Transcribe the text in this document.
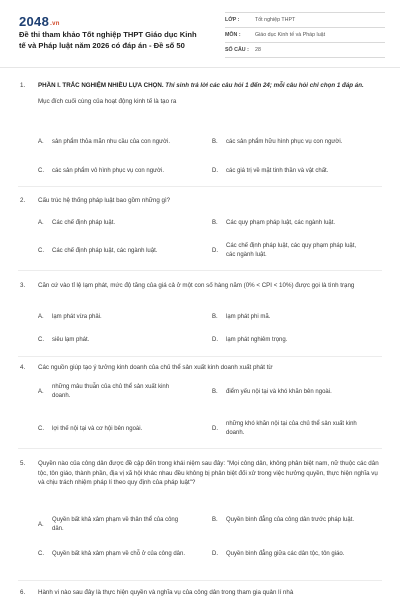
2048.vn
Đề thi tham khảo Tốt nghiệp THPT Giáo dục Kinh tế và Pháp luật năm 2026 có đáp án - Đề số 50
LỚP :	Tốt nghiệp THPT
MÔN :	Giáo dục Kinh tế và Pháp luật
SỐ CÂU :	28
1. PHẦN I. TRẮC NGHIỆM NHIỀU LỰA CHỌN. Thí sinh trả lời các câu hỏi 1 đến 24; mỗi câu hỏi chỉ chọn 1 đáp án.
Mục đích cuối cùng của hoạt động kinh tế là tạo ra
A.	sản phẩm thỏa mãn nhu cầu của con người.	B.	các sản phẩm hữu hình phục vụ con người.
C.	các sản phẩm vô hình phục vụ con người.	D.	các giá trị về mặt tinh thần và vật chất.
2. Cấu trúc hệ thống pháp luật bao gồm những gì?
A.	Các chế định pháp luật.	B.	Các quy phạm pháp luật, các ngành luật.
C.	Các chế định pháp luật, các ngành luật.	D.
Các chế định pháp luật, các quy phạm pháp luật, các ngành luật.
3. Căn cứ vào tỉ lệ lạm phát, mức độ tăng của giá cả ở một con số hàng năm (0% < CPI < 10%) được gọi là tình trạng
A.	lạm phát vừa phải.	B.	lạm phát phi mã.
C.	siêu lạm phát.	D.	lạm phát nghiêm trọng.
4. Các nguồn giúp tạo ý tưởng kinh doanh của chủ thể sản xuất kinh doanh xuất phát từ
A.
những mâu thuẫn của chủ thể sản xuất kinh doanh.
B.	điểm yếu nội tại và khó khăn bên ngoài.
C.	lợi thế nội tại và cơ hội bên ngoài.	D.
những khó khăn nội tại của chủ thể sản xuất kinh doanh.
5. Quyền nào của công dân được đề cập đến trong khái niệm sau đây: "Mọi công dân, không phân biệt nam, nữ thuộc các dân tộc, tôn giáo, thành phần, địa vị xã hội khác nhau đều không bị phân biệt đối xử trong việc hưởng quyền, thực hiện nghĩa vụ và chịu trách nhiệm pháp lí theo quy định của pháp luật"?
A.
Quyền bất khả xâm phạm về thân thể của công dân.
B.	Quyền bình đẳng của công dân trước pháp luật.
C.	Quyền bất khả xâm phạm về chỗ ở của công dân.	D.	Quyền bình đẳng giữa các dân tộc, tôn giáo.
6. Hành vi nào sau đây là thực hiện quyền và nghĩa vụ của công dân trong tham gia quản lí nhà
